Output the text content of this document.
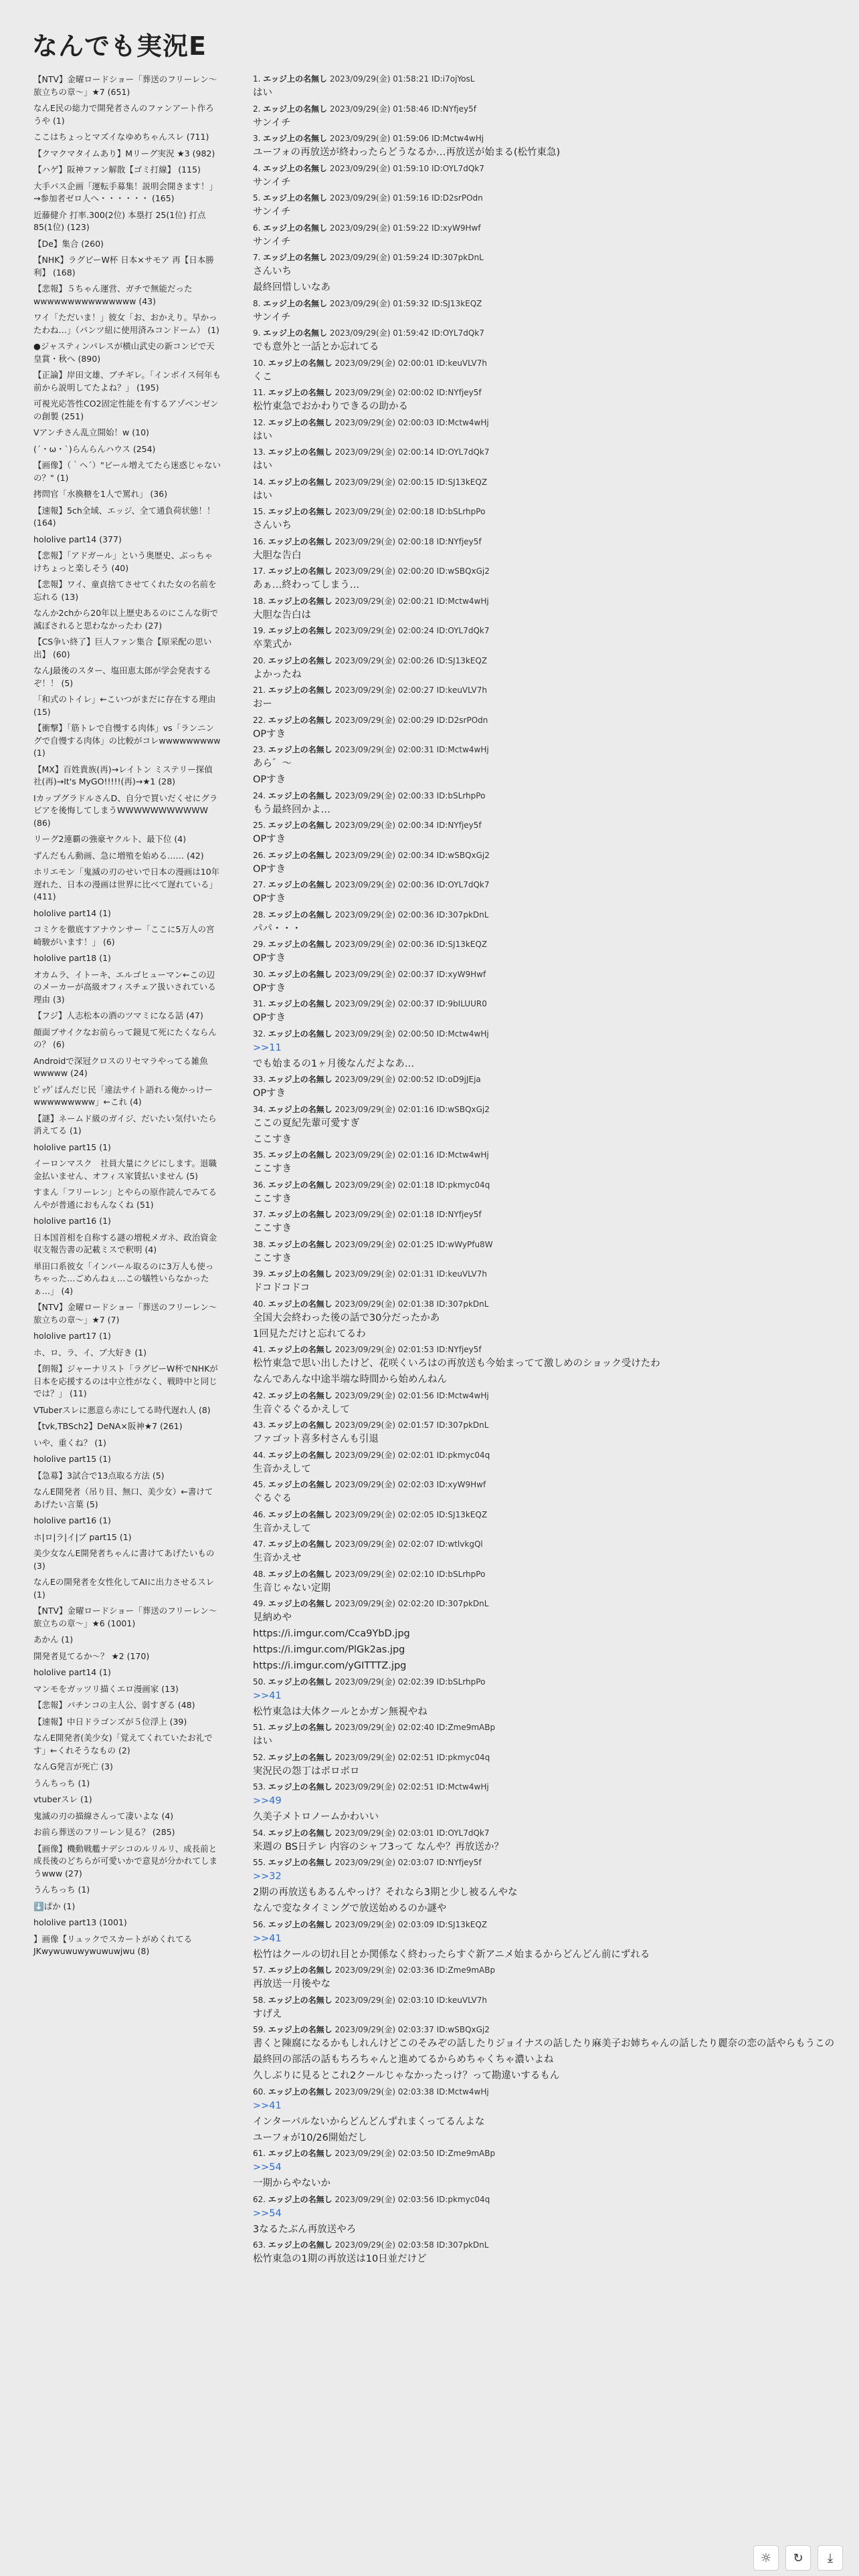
なんでも実況E
【NTV】金曜ロードショー「葬送のフリーレン〜旅立ちの章〜」★7 (651)
なんE民の総力で開発者さんのファンアート作ろうや (1)
ここはちょっとマズイなゆめちゃんスレ (711)
【クマクマタイムあり】Mリーグ実況 ★3 (982)
【ハゲ】阪神ファン解散【ゴミ打線】 (115)
大手パス企画「運転手募集！説明会開きます！」　→参加者ゼロ人へ・・・・・・ (165)
近藤健介 打率.300(2位) 本塁打 25(1位) 打点 85(1位) (123)
【De】集合 (260)
【NHK】ラグビーW杯 日本×サモア 再【日本勝利】 (168)
【悲報】５ちゃん運営、ガチで無能だったwwwwwwwwwwwwwww (43)
ワイ「ただいま！」彼女「お、おかえり。早かったわね…」（パンツ紐に使用済みコンドーム） (1)
●ジャスティンパレスが横山武史の新コンビで天皇賞・秋へ (890)
【正論】岸田文雄、ブチギレ。「インボイス何年も前から説明してたよね？」 (195)
可視光応答性CO2固定性能を有するアゾベンゼンの創製 (251)
Vアンチさん乱立開始！w (10)
(´・ω・`)らんらんハウス (254)
【画像】（｀ヘ´）"ビール増えてたら迷惑じゃないの？" (1)
拷問官「水換糖を1人で罵れ」 (36)
【速報】5ch全域、エッジ、全て通負荷状態！！ (164)
hololive part14 (377)
【悲報】「アドガール」という奥歴史、ぶっちゃけちょっと楽しそう (40)
【悲報】ワイ、童貞捨てさせてくれた女の名前を忘れる (13)
なんか2chから20年以上歴史あるのにこんな街で滅ぼされると思わなかったわ (27)
【CS争い終了】巨人ファン集合【原采配の思い出】 (60)
なんJ最後のスター、塩田恵太郎が学会発表するぞ！！ (5)
「和式のトイレ」←こいつがまだに存在する理由 (15)
【衝撃】「筋トレで自慢する肉体」vs「ランニングで自慢する肉体」の比較がコレwwwwwwwww (1)
【MX】百姓貴族(再)→レイトン ミステリー探偵社(再)→It's MyGO!!!!!(再)→★1 (28)
IカップグラドルさんD、自分で買いだくせにグラビアを後悔してしまうWWWWWWWWWWW (86)
リーグ2連覇の強豪ヤクルト、最下位 (4)
ずんだもん動画、急に増殖を始める…… (42)
ホリエモン「鬼滅の刃のせいで日本の漫画は10年遅れた、日本の漫画は世界に比べて遅れている」(411)
hololive part14 (1)
コミケを徹底すアナウンサー「ここに5万人の宮崎駿がいます！」 (6)
hololive part18 (1)
オカムラ、イトーキ、エルゴヒューマン←この辺のメーカーが高級オフィスチェア扱いされている理由 (3)
【フジ】人志松本の酒のツマミになる話 (47)
顔面ブサイクなお前らって鏡見て死にたくならんの？ (6)
Androidで深冠クロスのリセマラやってる雑魚wwwww (24)
ﾋﾟｯｸﾞぱんだじ民「違法サイト語れる俺かっけーwwwwwwwww」←これ (4)
【謎】ネームド級のガイジ、だいたい気付いたら消えてる (1)
hololive part15 (1)
イーロンマスク　社員大量にクビにします。退職金払いません、オフィス家賃払いません (5)
すまん「フリーレン」とやらの原作読んでみてるんやが普通におもんなくね (51)
hololive part16 (1)
日本国首相を自称する謎の増税メガネ、政治資金収支報告書の記載ミスで釈明 (4)
単田口系彼女「インバール取るのに3万人も使っちゃった…ごめんねぇ…この犠牲いらなかったぁ…」 (4)
【NTV】金曜ロードショー「葬送のフリーレン〜旅立ちの章〜」★7 (7)
hololive part17 (1)
ホ、ロ、ラ、イ、ブ大好き (1)
【朗報】ジャーナリスト「ラグビーW杯でNHKが日本を応援するのは中立性がなく、戦時中と同じでは？」 (11)
VTuberスレに悪意ら赤にしてる時代遅れ人 (8)
【tvk,TBSch2】DeNA×阪神★7 (261)
いや、重くね？ (1)
hololive part15 (1)
【急募】3試合で13点取る方法 (5)
なんE開発者（吊り目、無口、美少女）←書けてあげたい言葉 (5)
hololive part16 (1)
ホ|ロ|ラ|イ|ブ part15 (1)
美少女なんE開発者ちゃんに書けてあげたいもの (3)
なんEの開発者を女性化してAIに出力させるスレ (1)
【NTV】金曜ロードショー「葬送のフリーレン〜旅立ちの章〜」★6 (1001)
あかん (1)
開発者見てるか〜？ ★2 (170)
hololive part14 (1)
マンモをガッツリ描くエロ漫画家 (13)
【悲報】パチンコの主人公、弱すぎる (48)
【速報】中日ドラゴンズが５位浮上 (39)
なんE開発者(美少女)「覚えてくれていたお礼です」←くれそうなもの (2)
なんG発言が死亡 (3)
うんちっち (1)
vtuberスレ (1)
鬼滅の刃の描線さんって凄いよな (4)
お前ら葬送のフリーレン見る？ (285)
【画像】機動戦艦ナデシコのルリルリ、成長前と成長後のどちらが可愛いかで意見が分かれてしまうwww (27)
うんちっち (1)
⬇️ぱか (1)
hololive part13 (1001)
】画像【リュックでスカートがめくれてるJKwywuwuwywuwuwjwu (8)
1. エッジ上の名無し 2023/09/29(金) 01:58:21 ID:i7ojYosL
はい
2. エッジ上の名無し 2023/09/29(金) 01:58:46 ID:NYfjey5f
サンイチ
3. エッジ上の名無し 2023/09/29(金) 01:59:06 ID:Mctw4wHj
ユーフォの再放送が終わったらどうなるか…再放送が始まる(松竹東急)
4. エッジ上の名無し 2023/09/29(金) 01:59:10 ID:OYL7dQk7
サンイチ
5. エッジ上の名無し 2023/09/29(金) 01:59:16 ID:D2srPOdn
サンイチ
6. エッジ上の名無し 2023/09/29(金) 01:59:22 ID:xyW9Hwf
サンイチ
7. エッジ上の名無し 2023/09/29(金) 01:59:24 ID:307pkDnL
さんいち
最終回惜しいなあ
8. エッジ上の名無し 2023/09/29(金) 01:59:32 ID:SJ13kEQZ
サンイチ
9. エッジ上の名無し 2023/09/29(金) 01:59:42 ID:OYL7dQk7
でも意外と一話とか忘れてる
10. エッジ上の名無し 2023/09/29(金) 02:00:01 ID:keuVLV7h
くこ
11. エッジ上の名無し 2023/09/29(金) 02:00:02 ID:NYfjey5f
松竹東急でおかわりできるの助かる
12. エッジ上の名無し 2023/09/29(金) 02:00:03 ID:Mctw4wHj
はい
13. エッジ上の名無し 2023/09/29(金) 02:00:14 ID:OYL7dQk7
はい
14. エッジ上の名無し 2023/09/29(金) 02:00:15 ID:SJ13kEQZ
はい
15. エッジ上の名無し 2023/09/29(金) 02:00:18 ID:bSLrhpPo
さんいち
16. エッジ上の名無し 2023/09/29(金) 02:00:18 ID:NYfjey5f
大胆な告白
17. エッジ上の名無し 2023/09/29(金) 02:00:20 ID:wSBQxGj2
あぁ…終わってしまう…
18. エッジ上の名無し 2023/09/29(金) 02:00:21 ID:Mctw4wHj
大胆な告白は
19. エッジ上の名無し 2023/09/29(金) 02:00:24 ID:OYL7dQk7
卒業式か
20. エッジ上の名無し 2023/09/29(金) 02:00:26 ID:SJ13kEQZ
よかったね
21. エッジ上の名無し 2023/09/29(金) 02:00:27 ID:keuVLV7h
おー
22. エッジ上の名無し 2023/09/29(金) 02:00:29 ID:D2srPOdn
OPすき
23. エッジ上の名無し 2023/09/29(金) 02:00:31 ID:Mctw4wHj
あら゛〜
OPすき
24. エッジ上の名無し 2023/09/29(金) 02:00:33 ID:bSLrhpPo
もう最終回かよ…
25. エッジ上の名無し 2023/09/29(金) 02:00:34 ID:NYfjey5f
OPすき
26. エッジ上の名無し 2023/09/29(金) 02:00:34 ID:wSBQxGj2
OPすき
27. エッジ上の名無し 2023/09/29(金) 02:00:36 ID:OYL7dQk7
OPすき
28. エッジ上の名無し 2023/09/29(金) 02:00:36 ID:307pkDnL
パパ・・・
29. エッジ上の名無し 2023/09/29(金) 02:00:36 ID:SJ13kEQZ
OPすき
30. エッジ上の名無し 2023/09/29(金) 02:00:37 ID:xyW9Hwf
OPすき
31. エッジ上の名無し 2023/09/29(金) 02:00:37 ID:9bILUUR0
OPすき
32. エッジ上の名無し 2023/09/29(金) 02:00:50 ID:Mctw4wHj
>>11
でも始まるの1ヶ月後なんだよなあ…
33. エッジ上の名無し 2023/09/29(金) 02:00:52 ID:oD9jJEja
OPすき
34. エッジ上の名無し 2023/09/29(金) 02:01:16 ID:wSBQxGj2
ここの夏紀先輩可愛すぎ
ここすき
35. エッジ上の名無し 2023/09/29(金) 02:01:16 ID:Mctw4wHj
ここすき
36. エッジ上の名無し 2023/09/29(金) 02:01:18 ID:pkmyc04q
ここすき
37. エッジ上の名無し 2023/09/29(金) 02:01:18 ID:NYfjey5f
ここすき
38. エッジ上の名無し 2023/09/29(金) 02:01:25 ID:wWyPfu8W
ここすき
39. エッジ上の名無し 2023/09/29(金) 02:01:31 ID:keuVLV7h
ドコドコドコ
40. エッジ上の名無し 2023/09/29(金) 02:01:38 ID:307pkDnL
全国大会終わった後の話で30分だったかあ
1回見ただけと忘れてるわ
41. エッジ上の名無し 2023/09/29(金) 02:01:53 ID:NYfjey5f
松竹東急で思い出したけど、花咲くいろはの再放送も今始まってて激しめのショック受けたわ
なんであんな中途半端な時間から始めんねん
42. エッジ上の名無し 2023/09/29(金) 02:01:56 ID:Mctw4wHj
生音ぐるぐるかえして
43. エッジ上の名無し 2023/09/29(金) 02:01:57 ID:307pkDnL
ファゴット喜多村さんも引退
44. エッジ上の名無し 2023/09/29(金) 02:02:01 ID:pkmyc04q
生音かえして
45. エッジ上の名無し 2023/09/29(金) 02:02:03 ID:xyW9Hwf
ぐるぐる
46. エッジ上の名無し 2023/09/29(金) 02:02:05 ID:SJ13kEQZ
生音かえして
47. エッジ上の名無し 2023/09/29(金) 02:02:07 ID:wtlvkgQl
生音かえせ
48. エッジ上の名無し 2023/09/29(金) 02:02:10 ID:bSLrhpPo
生音じゃない定期
49. エッジ上の名無し 2023/09/29(金) 02:02:20 ID:307pkDnL
見納めや
https://i.imgur.com/Cca9YbD.jpg
https://i.imgur.com/PlGk2as.jpg
https://i.imgur.com/yGITTTZ.jpg
50. エッジ上の名無し 2023/09/29(金) 02:02:39 ID:bSLrhpPo
>>41
松竹東急は大体クールとかガン無視やね
51. エッジ上の名無し 2023/09/29(金) 02:02:40 ID:Zme9mABp
はい
52. エッジ上の名無し 2023/09/29(金) 02:02:51 ID:pkmyc04q
実況民の怨丁はポロポロ
53. エッジ上の名無し 2023/09/29(金) 02:02:51 ID:Mctw4wHj
>>49
久美子メトロノームかわいい
54. エッジ上の名無し 2023/09/29(金) 02:03:01 ID:OYL7dQk7
来週の BS日テレ 内容のシャフ3って なんや？再放送か？
55. エッジ上の名無し 2023/09/29(金) 02:03:07 ID:NYfjey5f
>>32
2期の再放送もあるんやっけ？それなら3期と少し被るんやな
なんで変なタイミングで放送始めるのか謎や
56. エッジ上の名無し 2023/09/29(金) 02:03:09 ID:SJ13kEQZ
>>41
松竹はクールの切れ目とか関係なく終わったらすぐ新アニメ始まるからどんどん前にずれる
57. エッジ上の名無し 2023/09/29(金) 02:03:36 ID:Zme9mABp
再放送一月後やな
58. エッジ上の名無し 2023/09/29(金) 02:03:10 ID:keuVLV7h
すげえ
59. エッジ上の名無し 2023/09/29(金) 02:03:37 ID:wSBQxGj2
書くと陳腐になるかもしれんけどこのそみぞの話したりジョイナスの話したり麻美子お姉ちゃんの話したり麗奈の恋の話やらもうこの最終回の部活の話もちろちゃんと進めてるからめちゃくちゃ濃いよね
久しぶりに見るとこれ2クールじゃなかったっけ？って勘違いするもん
60. エッジ上の名無し 2023/09/29(金) 02:03:38 ID:Mctw4wHj
>>41
インターバルないからどんどんずれまくってるんよな
ユーフォが10/26開始だし
61. エッジ上の名無し 2023/09/29(金) 02:03:50 ID:Zme9mABp
>>54
一期からやないか
62. エッジ上の名無し 2023/09/29(金) 02:03:56 ID:pkmyc04q
>>54
3なるたぶん再放送やろ
63. エッジ上の名無し 2023/09/29(金) 02:03:58 ID:307pkDnL
松竹東急の1期の再放送は10日並だけど
☼	↻	⤓
